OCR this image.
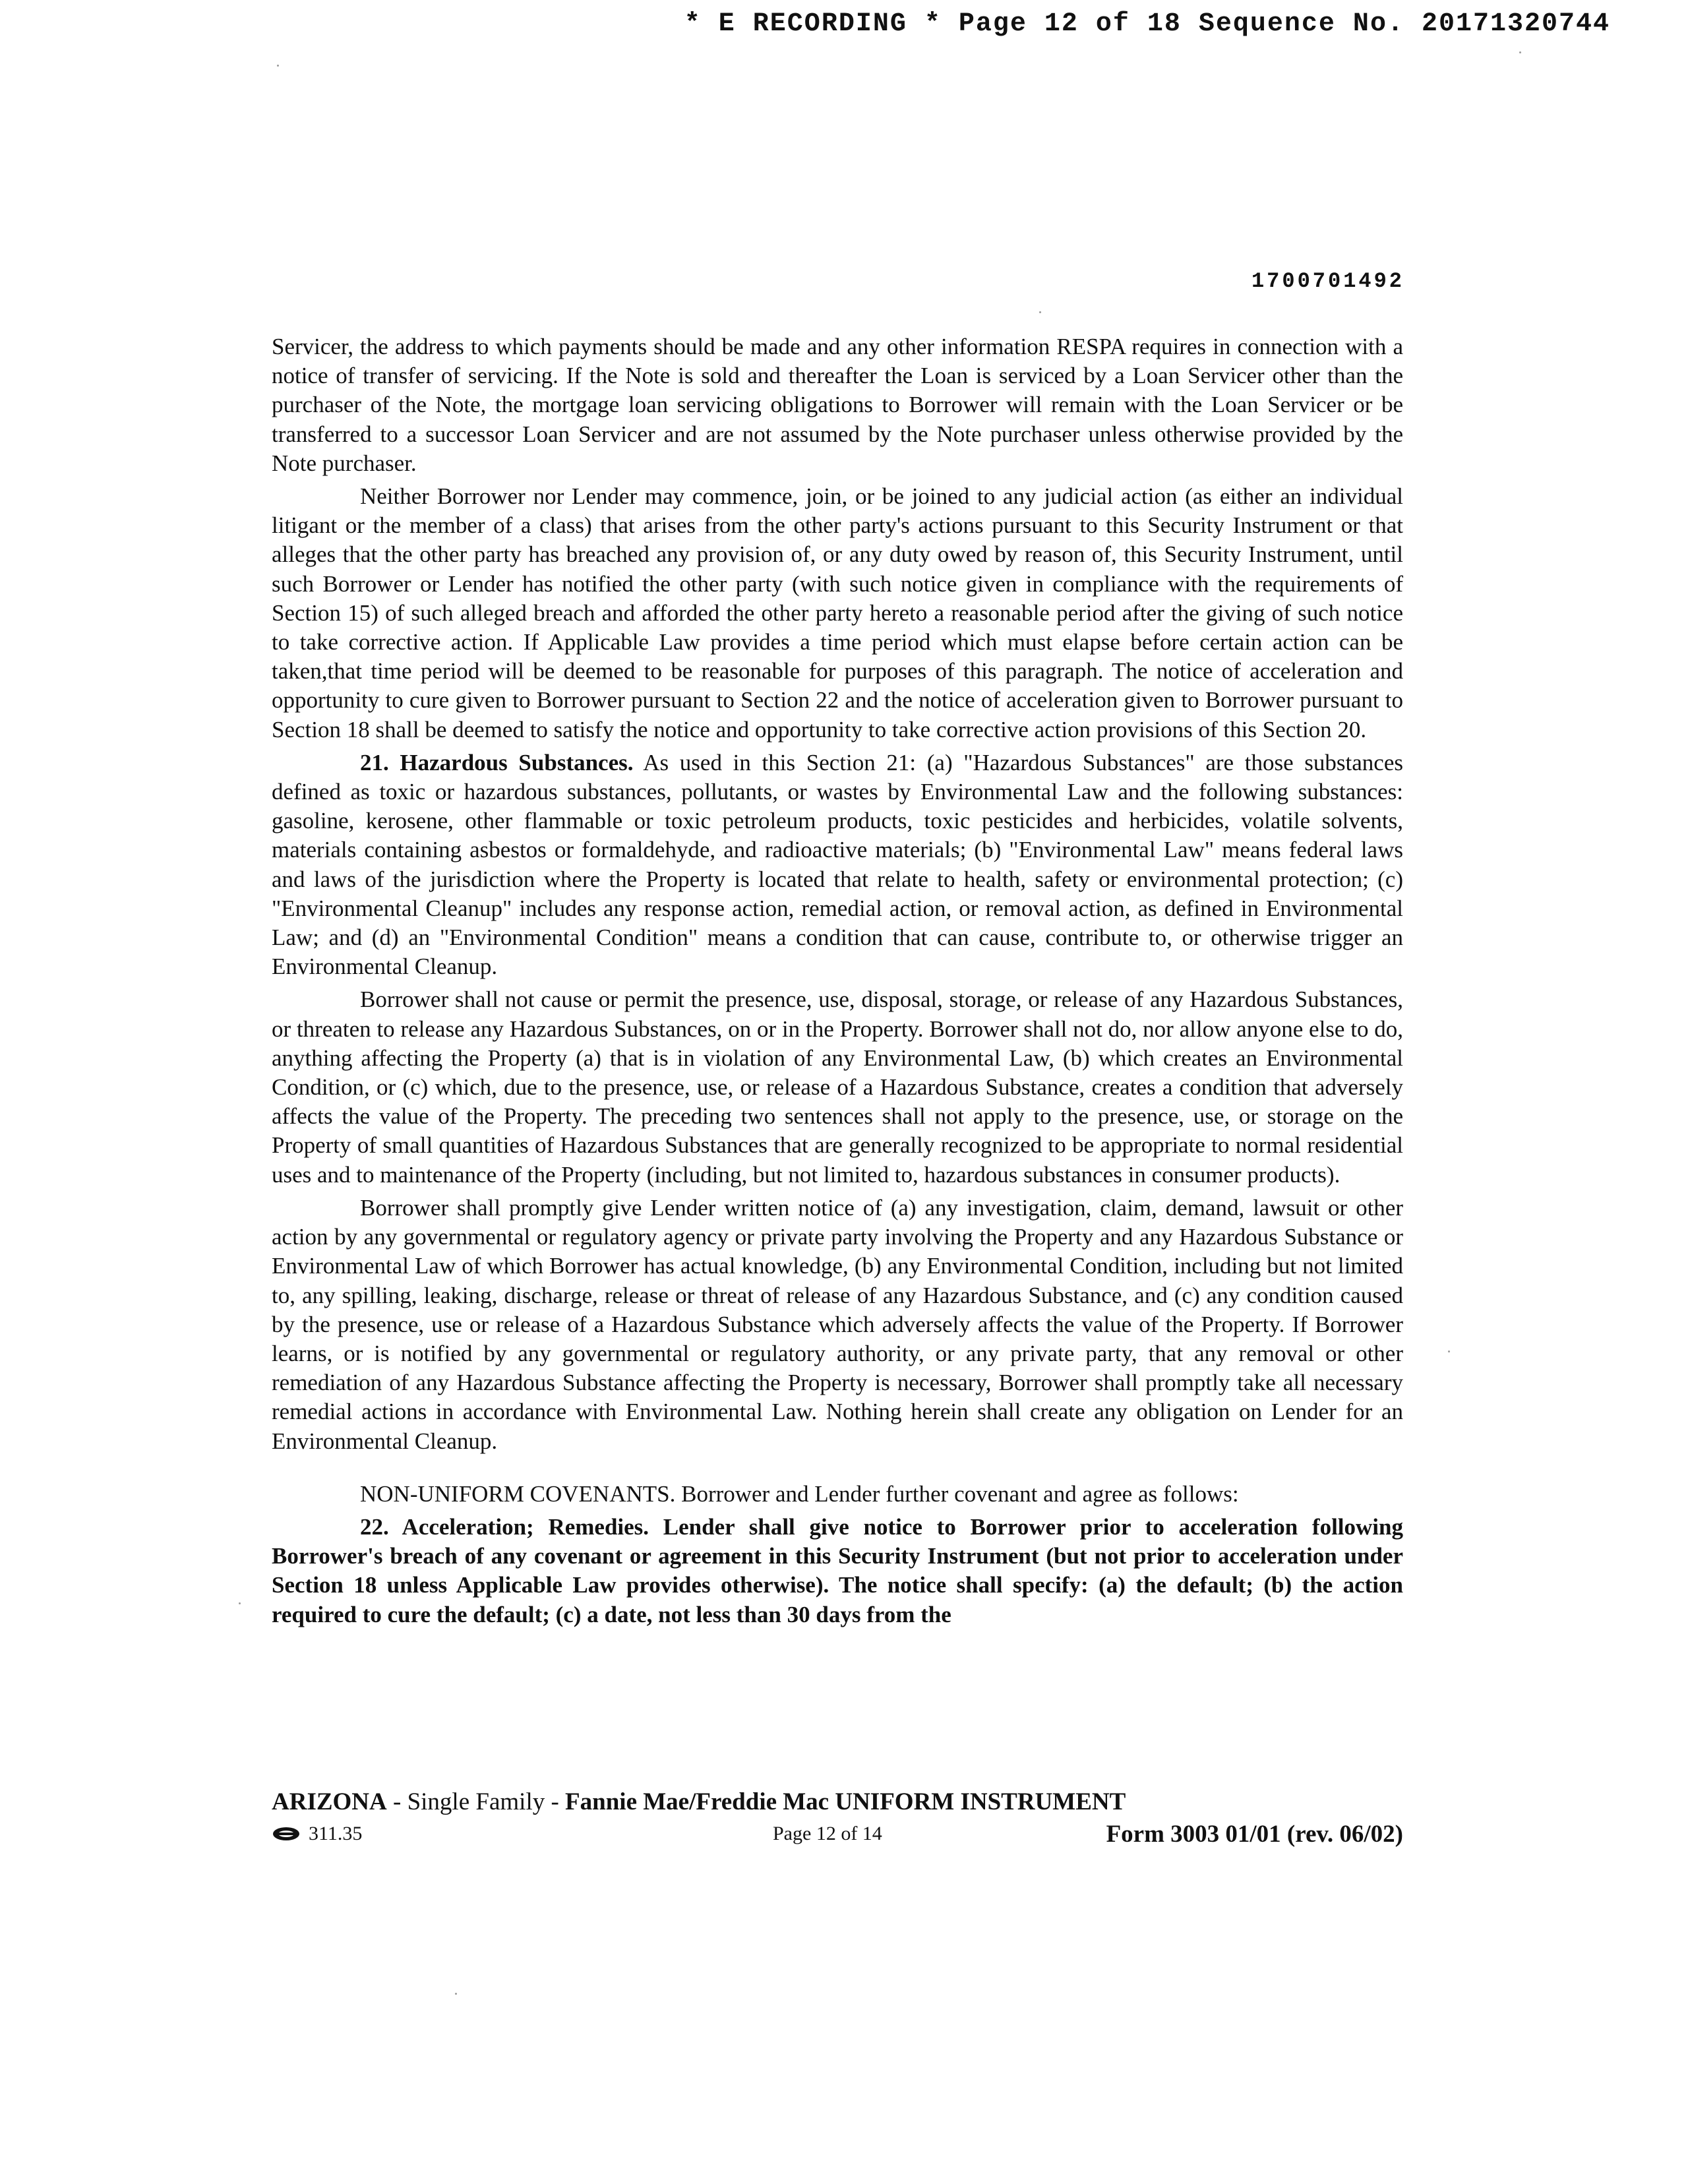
* E RECORDING * Page 12 of 18 Sequence No. 20171320744
1700701492

Servicer, the address to which payments should be made and any other information RESPA requires in connection with a notice of transfer of servicing. If the Note is sold and thereafter the Loan is serviced by a Loan Servicer other than the purchaser of the Note, the mortgage loan servicing obligations to Borrower will remain with the Loan Servicer or be transferred to a successor Loan Servicer and are not assumed by the Note purchaser unless otherwise provided by the Note purchaser.

Neither Borrower nor Lender may commence, join, or be joined to any judicial action (as either an individual litigant or the member of a class) that arises from the other party's actions pursuant to this Security Instrument or that alleges that the other party has breached any provision of, or any duty owed by reason of, this Security Instrument, until such Borrower or Lender has notified the other party (with such notice given in compliance with the requirements of Section 15) of such alleged breach and afforded the other party hereto a reasonable period after the giving of such notice to take corrective action. If Applicable Law provides a time period which must elapse before certain action can be taken,that time period will be deemed to be reasonable for purposes of this paragraph. The notice of acceleration and opportunity to cure given to Borrower pursuant to Section 22 and the notice of acceleration given to Borrower pursuant to Section 18 shall be deemed to satisfy the notice and opportunity to take corrective action provisions of this Section 20.

21. Hazardous Substances. As used in this Section 21: (a) "Hazardous Substances" are those substances defined as toxic or hazardous substances, pollutants, or wastes by Environmental Law and the following substances: gasoline, kerosene, other flammable or toxic petroleum products, toxic pesticides and herbicides, volatile solvents, materials containing asbestos or formaldehyde, and radioactive materials; (b) "Environmental Law" means federal laws and laws of the jurisdiction where the Property is located that relate to health, safety or environmental protection; (c) "Environmental Cleanup" includes any response action, remedial action, or removal action, as defined in Environmental Law; and (d) an "Environmental Condition" means a condition that can cause, contribute to, or otherwise trigger an Environmental Cleanup.

Borrower shall not cause or permit the presence, use, disposal, storage, or release of any Hazardous Substances, or threaten to release any Hazardous Substances, on or in the Property. Borrower shall not do, nor allow anyone else to do, anything affecting the Property (a) that is in violation of any Environmental Law, (b) which creates an Environmental Condition, or (c) which, due to the presence, use, or release of a Hazardous Substance, creates a condition that adversely affects the value of the Property. The preceding two sentences shall not apply to the presence, use, or storage on the Property of small quantities of Hazardous Substances that are generally recognized to be appropriate to normal residential uses and to maintenance of the Property (including, but not limited to, hazardous substances in consumer products).

Borrower shall promptly give Lender written notice of (a) any investigation, claim, demand, lawsuit or other action by any governmental or regulatory agency or private party involving the Property and any Hazardous Substance or Environmental Law of which Borrower has actual knowledge, (b) any Environmental Condition, including but not limited to, any spilling, leaking, discharge, release or threat of release of any Hazardous Substance, and (c) any condition caused by the presence, use or release of a Hazardous Substance which adversely affects the value of the Property. If Borrower learns, or is notified by any governmental or regulatory authority, or any private party, that any removal or other remediation of any Hazardous Substance affecting the Property is necessary, Borrower shall promptly take all necessary remedial actions in accordance with Environmental Law. Nothing herein shall create any obligation on Lender for an Environmental Cleanup.

NON-UNIFORM COVENANTS. Borrower and Lender further covenant and agree as follows:

22. Acceleration; Remedies. Lender shall give notice to Borrower prior to acceleration following Borrower's breach of any covenant or agreement in this Security Instrument (but not prior to acceleration under Section 18 unless Applicable Law provides otherwise). The notice shall specify: (a) the default; (b) the action required to cure the default; (c) a date, not less than 30 days from the

ARIZONA - Single Family - Fannie Mae/Freddie Mac UNIFORM INSTRUMENT
311.35	Page 12 of 14	Form 3003 01/01 (rev. 06/02)
